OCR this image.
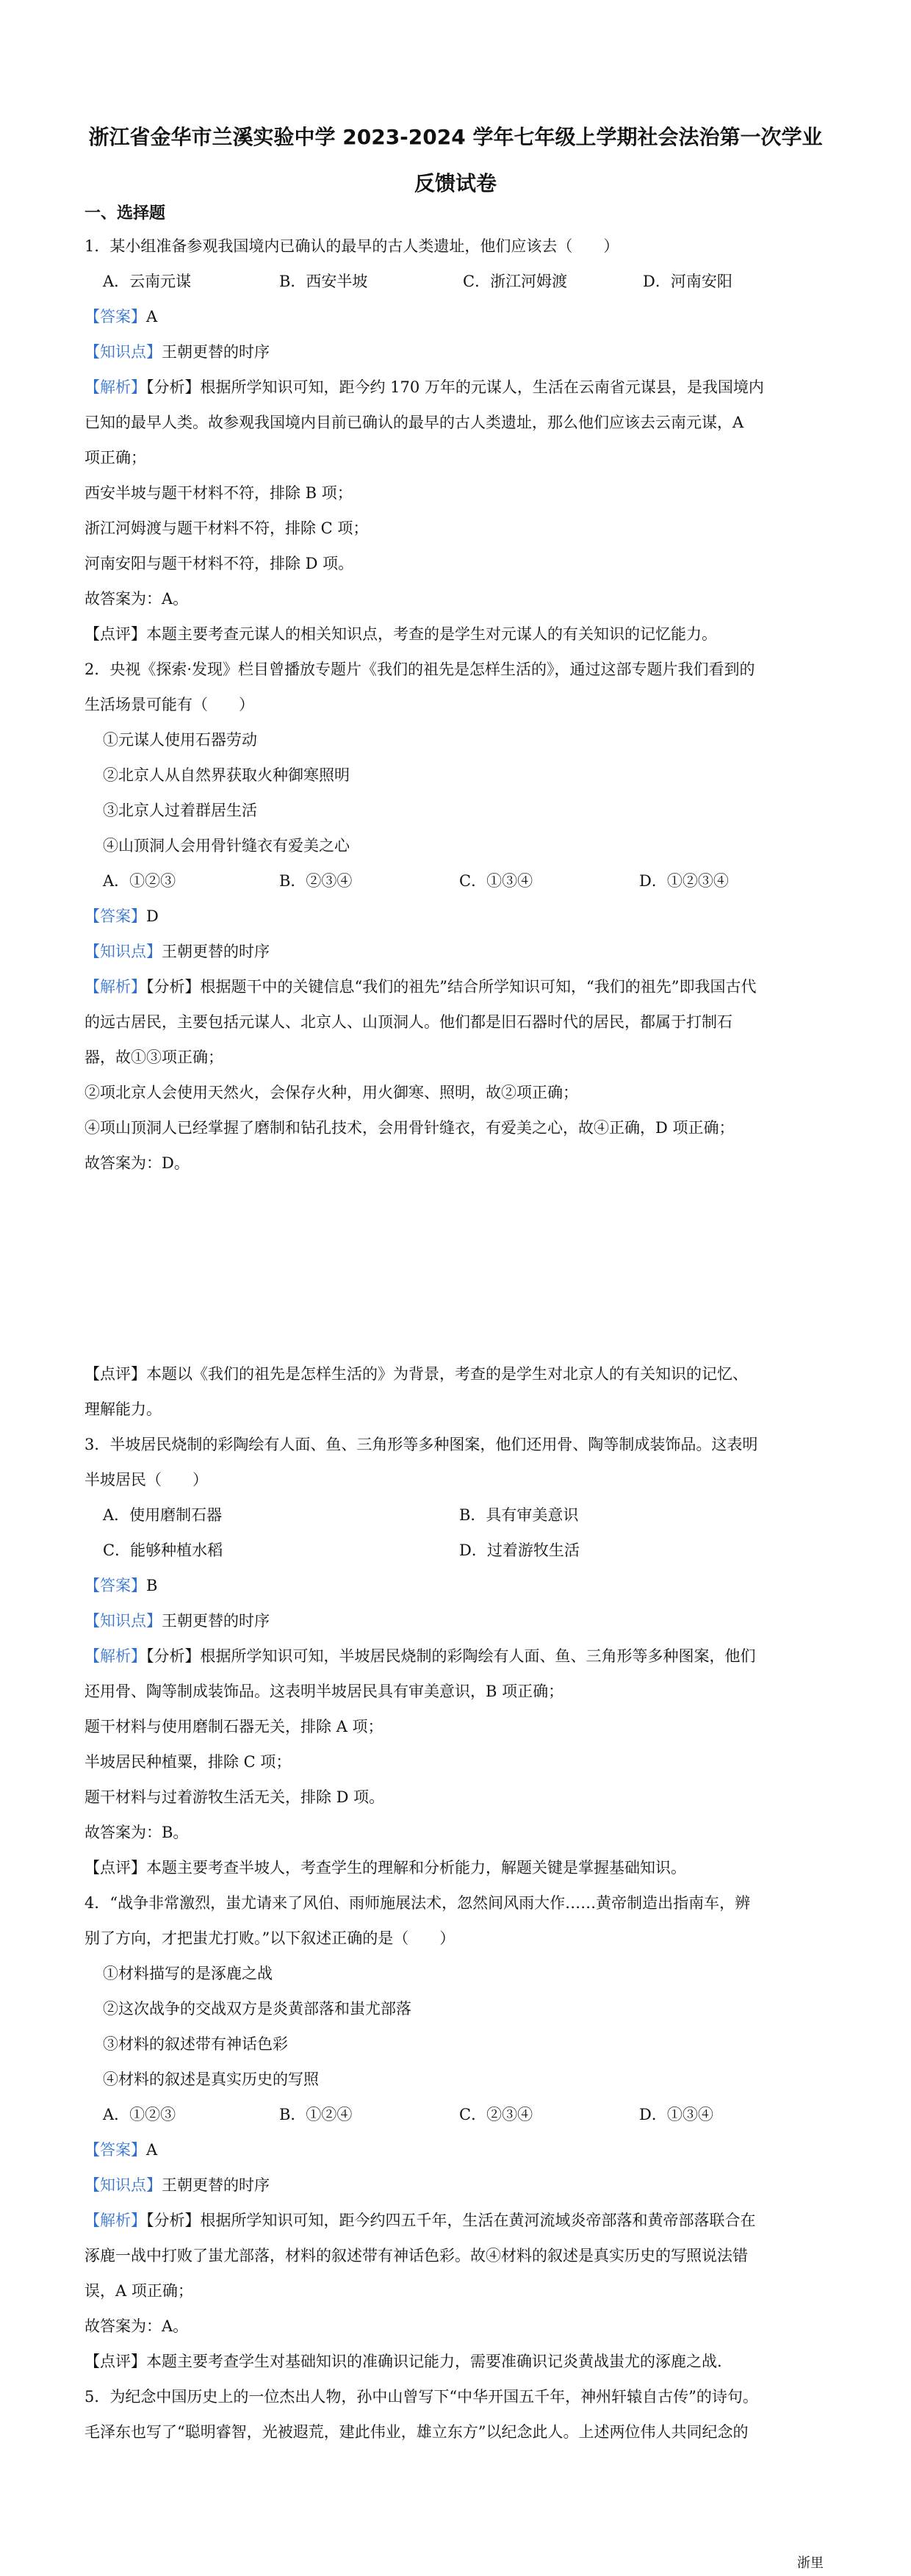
浙江省金华市兰溪实验中学 2023-2024 学年七年级上学期社会法治第一次学业
反馈试卷
一、选择题
1．某小组准备参观我国境内已确认的最早的古人类遗址，他们应该去（　　）
A．云南元谋	B．西安半坡	C．浙江河姆渡	D．河南安阳
【答案】A
【知识点】王朝更替的时序
【解析】【分析】根据所学知识可知，距今约 170 万年的元谋人，生活在云南省元谋县，是我国境内
已知的最早人类。故参观我国境内目前已确认的最早的古人类遗址，那么他们应该去云南元谋，A
项正确；
西安半坡与题干材料不符，排除 B 项；
浙江河姆渡与题干材料不符，排除 C 项；
河南安阳与题干材料不符，排除 D 项。
故答案为：A。
【点评】本题主要考查元谋人的相关知识点，考查的是学生对元谋人的有关知识的记忆能力。
2．央视《探索·发现》栏目曾播放专题片《我们的祖先是怎样生活的》，通过这部专题片我们看到的
生活场景可能有（　　）
①元谋人使用石器劳动
②北京人从自然界获取火种御寒照明
③北京人过着群居生活
④山顶洞人会用骨针缝衣有爱美之心
A．①②③	B．②③④	C．①③④	D．①②③④
【答案】D
【知识点】王朝更替的时序
【解析】【分析】根据题干中的关键信息“我们的祖先”结合所学知识可知，“我们的祖先”即我国古代
的远古居民，主要包括元谋人、北京人、山顶洞人。他们都是旧石器时代的居民，都属于打制石
器，故①③项正确；
②项北京人会使用天然火，会保存火种，用火御寒、照明，故②项正确；
④项山顶洞人已经掌握了磨制和钻孔技术，会用骨针缝衣，有爱美之心，故④正确，D 项正确；
故答案为：D。
【点评】本题以《我们的祖先是怎样生活的》为背景，考查的是学生对北京人的有关知识的记忆、
理解能力。
3．半坡居民烧制的彩陶绘有人面、鱼、三角形等多种图案，他们还用骨、陶等制成装饰品。这表明
半坡居民（　　）
A．使用磨制石器	B．具有审美意识
C．能够种植水稻	D．过着游牧生活
【答案】B
【知识点】王朝更替的时序
【解析】【分析】根据所学知识可知，半坡居民烧制的彩陶绘有人面、鱼、三角形等多种图案，他们
还用骨、陶等制成装饰品。这表明半坡居民具有审美意识，B 项正确；
题干材料与使用磨制石器无关，排除 A 项；
半坡居民种植粟，排除 C 项；
题干材料与过着游牧生活无关，排除 D 项。
故答案为：B。
【点评】本题主要考查半坡人，考查学生的理解和分析能力，解题关键是掌握基础知识。
4．“战争非常激烈，蚩尤请来了风伯、雨师施展法术，忽然间风雨大作……黄帝制造出指南车，辨
别了方向，才把蚩尤打败。”以下叙述正确的是（　　）
①材料描写的是涿鹿之战
②这次战争的交战双方是炎黄部落和蚩尤部落
③材料的叙述带有神话色彩
④材料的叙述是真实历史的写照
A．①②③	B．①②④	C．②③④	D．①③④
【答案】A
【知识点】王朝更替的时序
【解析】【分析】根据所学知识可知，距今约四五千年，生活在黄河流域炎帝部落和黄帝部落联合在
涿鹿一战中打败了蚩尤部落，材料的叙述带有神话色彩。故④材料的叙述是真实历史的写照说法错
误，A 项正确；
故答案为：A。
【点评】本题主要考查学生对基础知识的准确识记能力，需要准确识记炎黄战蚩尤的涿鹿之战.
5．为纪念中国历史上的一位杰出人物，孙中山曾写下“中华开国五千年，神州轩辕自古传”的诗句。
毛泽东也写了“聪明睿智，光被遐荒，建此伟业，雄立东方”以纪念此人。上述两位伟人共同纪念的
浙里
